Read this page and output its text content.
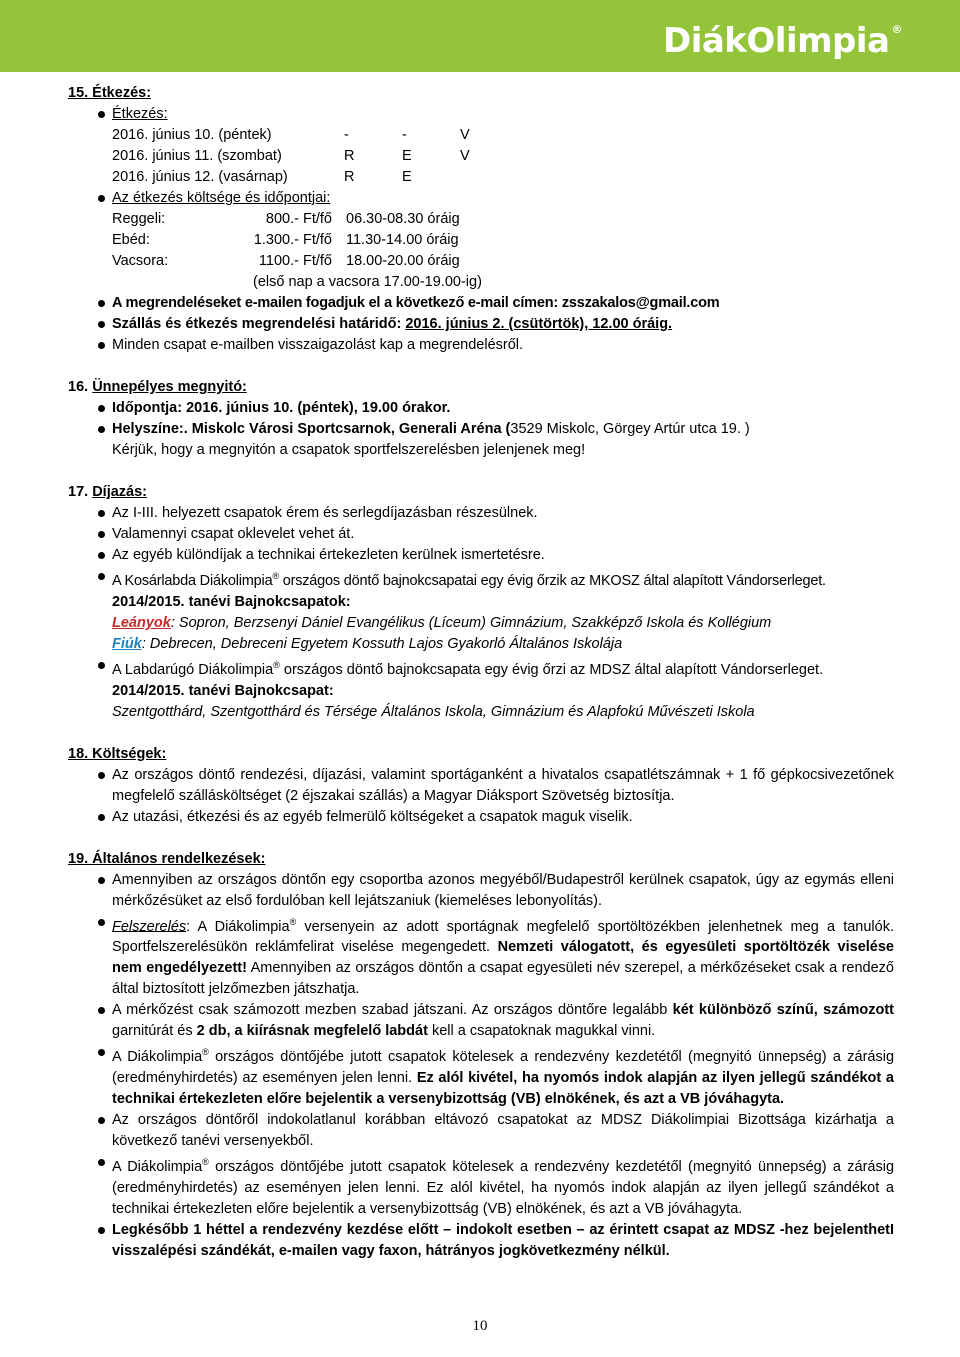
DiákOlimpia ®
15. Étkezés:
Étkezés:
2016. június 10. (péntek)	-	-	V
2016. június 11. (szombat)	R	E	V
2016. június 12. (vasárnap)	R	E
Az étkezés költsége és időpontjai:
Reggeli:	800.- Ft/fő 06.30-08.30 óráig
Ebéd:	1.300.- Ft/fő 11.30-14.00 óráig
Vacsora:	1100.- Ft/fő 18.00-20.00 óráig
(első nap a vacsora 17.00-19.00-ig)
A megrendeléseket e-mailen fogadjuk el a következő e-mail címen: zsszakalos@gmail.com
Szállás és étkezés megrendelési határidő: 2016. június 2. (csütörtök), 12.00 óráig.
Minden csapat e-mailben visszaigazolást kap a megrendelésről.
16. Ünnepélyes megnyitó:
Időpontja: 2016. június 10. (péntek), 19.00 órakor.
Helyszíne:. Miskolc Városi Sportcsarnok, Generali Aréna (3529 Miskolc, Görgey Artúr utca 19. )
Kérjük, hogy a megnyitón a csapatok sportfelszerelésben jelenjenek meg!
17. Díjazás:
Az I-III. helyezett csapatok érem és serlegdíjazásban részesülnek.
Valamennyi csapat oklevelet vehet át.
Az egyéb különdíjak a technikai értekezleten kerülnek ismertetésre.
A Kosárlabda Diákolimpia® országos döntő bajnokcsapatai egy évig őrzik az MKOSZ által alapított Vándorserleget.
2014/2015. tanévi Bajnokcsapatok:
Leányok: Sopron, Berzsenyi Dániel Evangélikus (Líceum) Gimnázium, Szakképző Iskola és Kollégium
Fiúk: Debrecen, Debreceni Egyetem Kossuth Lajos Gyakorló Általános Iskolája
A Labdarúgó Diákolimpia® országos döntő bajnokcsapata egy évig őrzi az MDSZ által alapított Vándorserleget.
2014/2015. tanévi Bajnokcsapat:
Szentgotthárd, Szentgotthárd és Térsége Általános Iskola, Gimnázium és Alapfokú Művészeti Iskola
18. Költségek:
Az országos döntő rendezési, díjazási, valamint sportáganként a hivatalos csapatlétszámnak + 1 fő gépkocsivezetőnek megfelelő szállásköltséget (2 éjszakai szállás) a Magyar Diáksport Szövetség biztosítja.
Az utazási, étkezési és az egyéb felmerülő költségeket a csapatok maguk viselik.
19. Általános rendelkezések:
Amennyiben az országos döntőn egy csoportba azonos megyéből/Budapestről kerülnek csapatok, úgy az egymás elleni mérkőzésüket az első fordulóban kell lejátszaniuk (kiemeléses lebonyolítás).
Felszerelés: A Diákolimpia® versenyein az adott sportágnak megfelelő sportöltözékben jelenhetnek meg a tanulók. Sportfelszerelésükön reklámfelirat viselése megengedett. Nemzeti válogatott, és egyesületi sportöltözék viselése nem engedélyezett! Amennyiben az országos döntőn a csapat egyesületi név szerepel, a mérkőzéseket csak a rendező által biztosított jelzőmezben játszhatja.
A mérkőzést csak számozott mezben szabad játszani. Az országos döntőre legalább két különböző színű, számozott garnitúrát és 2 db, a kiírásnak megfelelő labdát kell a csapatoknak magukkal vinni.
A Diákolimpia® országos döntőjébe jutott csapatok kötelesek a rendezvény kezdetétől (megnyitó ünnepség) a zárásig (eredményhirdetés) az eseményen jelen lenni. Ez alól kivétel, ha nyomós indok alapján az ilyen jellegű szándékot a technikai értekezleten előre bejelentik a versenybizottság (VB) elnökének, és azt a VB jóváhagyta.
Az országos döntőről indokolatlanul korábban eltávozó csapatokat az MDSZ Diákolimpiai Bizottsága kizárhatja a következő tanévi versenyekből.
A Diákolimpia® országos döntőjébe jutott csapatok kötelesek a rendezvény kezdetétől (megnyitó ünnepség) a zárásig (eredményhirdetés) az eseményen jelen lenni. Ez alól kivétel, ha nyomós indok alapján az ilyen jellegű szándékot a technikai értekezleten előre bejelentik a versenybizottság (VB) elnökének, és azt a VB jóváhagyta.
Legkésőbb 1 héttel a rendezvény kezdése előtt – indokolt esetben – az érintett csapat az MDSZ -hez bejelenthetI visszalépési szándékát, e-mailen vagy faxon, hátrányos jogkövetkezmény nélkül.
10
